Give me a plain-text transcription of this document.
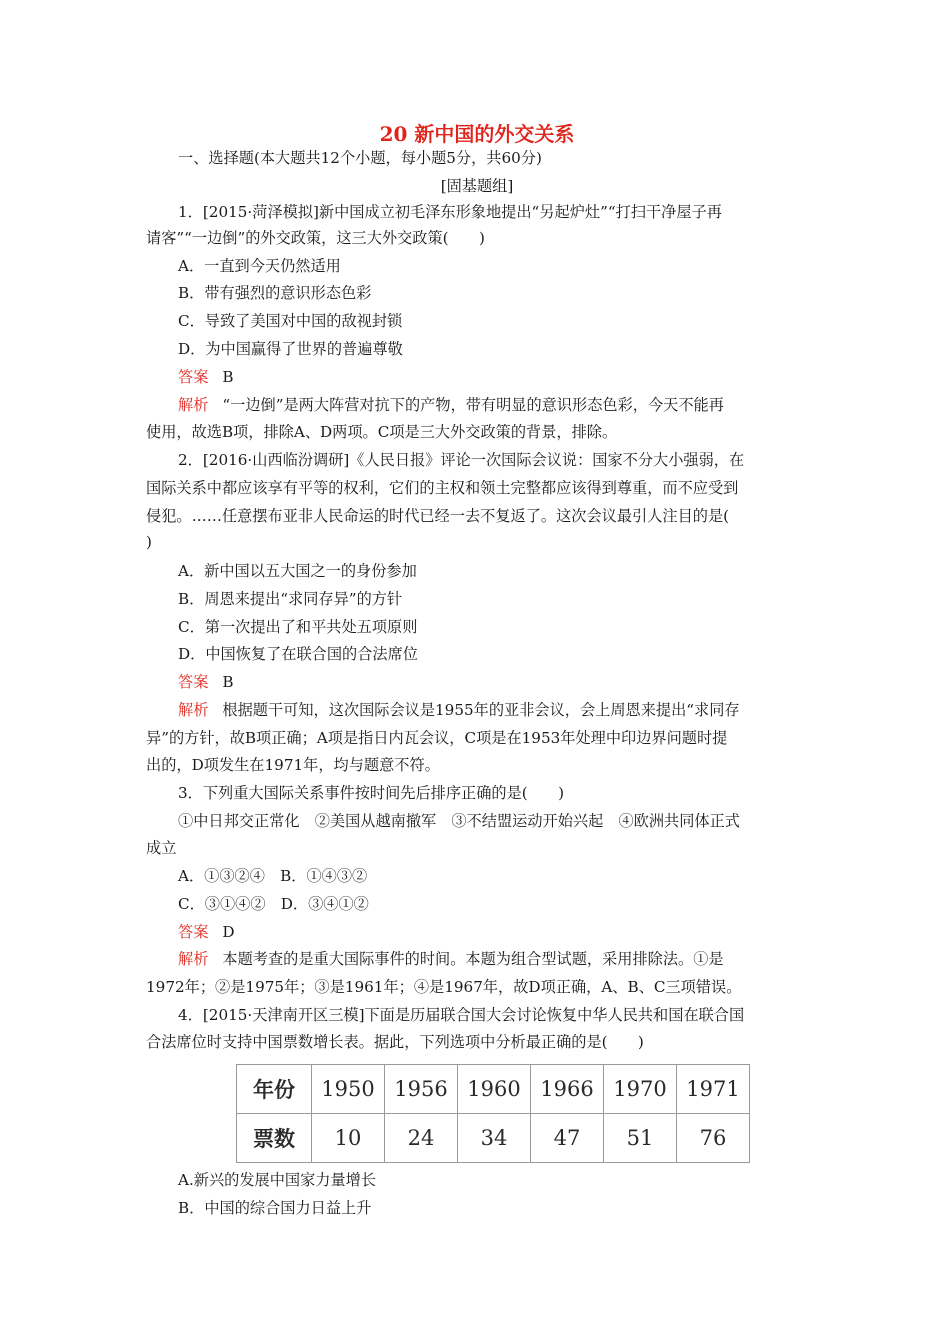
20 新中国的外交关系
一、选择题(本大题共12个小题，每小题5分，共60分)
[固基题组]
1．[2015·菏泽模拟]新中国成立初毛泽东形象地提出“另起炉灶”“打扫干净屋子再
请客”“一边倒”的外交政策，这三大外交政策(　　)
A．一直到今天仍然适用
B．带有强烈的意识形态色彩
C．导致了美国对中国的敌视封锁
D．为中国赢得了世界的普遍尊敬
答案 B
解析 “一边倒”是两大阵营对抗下的产物，带有明显的意识形态色彩，今天不能再
使用，故选B项，排除A、D两项。C项是三大外交政策的背景，排除。
2．[2016·山西临汾调研]《人民日报》评论一次国际会议说：国家不分大小强弱，在
国际关系中都应该享有平等的权利，它们的主权和领土完整都应该得到尊重，而不应受到
侵犯。……任意摆布亚非人民命运的时代已经一去不复返了。这次会议最引人注目的是(
)
A．新中国以五大国之一的身份参加
B．周恩来提出“求同存异”的方针
C．第一次提出了和平共处五项原则
D．中国恢复了在联合国的合法席位
答案 B
解析 根据题干可知，这次国际会议是1955年的亚非会议，会上周恩来提出“求同存
异”的方针，故B项正确；A项是指日内瓦会议，C项是在1953年处理中印边界问题时提
出的，D项发生在1971年，均与题意不符。
3．下列重大国际关系事件按时间先后排序正确的是(　　)
①中日邦交正常化　②美国从越南撤军　③不结盟运动开始兴起　④欧洲共同体正式
成立
A．①③②④　B．①④③②
C．③①④②　D．③④①②
答案 D
解析 本题考查的是重大国际事件的时间。本题为组合型试题，采用排除法。①是
1972年；②是1975年；③是1961年；④是1967年，故D项正确，A、B、C三项错误。
4．[2015·天津南开区三模]下面是历届联合国大会讨论恢复中华人民共和国在联合国
合法席位时支持中国票数增长表。据此，下列选项中分析最正确的是(　　)
年份	1950	1956	1960	1966	1970	1971
票数	10	24	34	47	51	76
A.新兴的发展中国家力量增长
B．中国的综合国力日益上升
